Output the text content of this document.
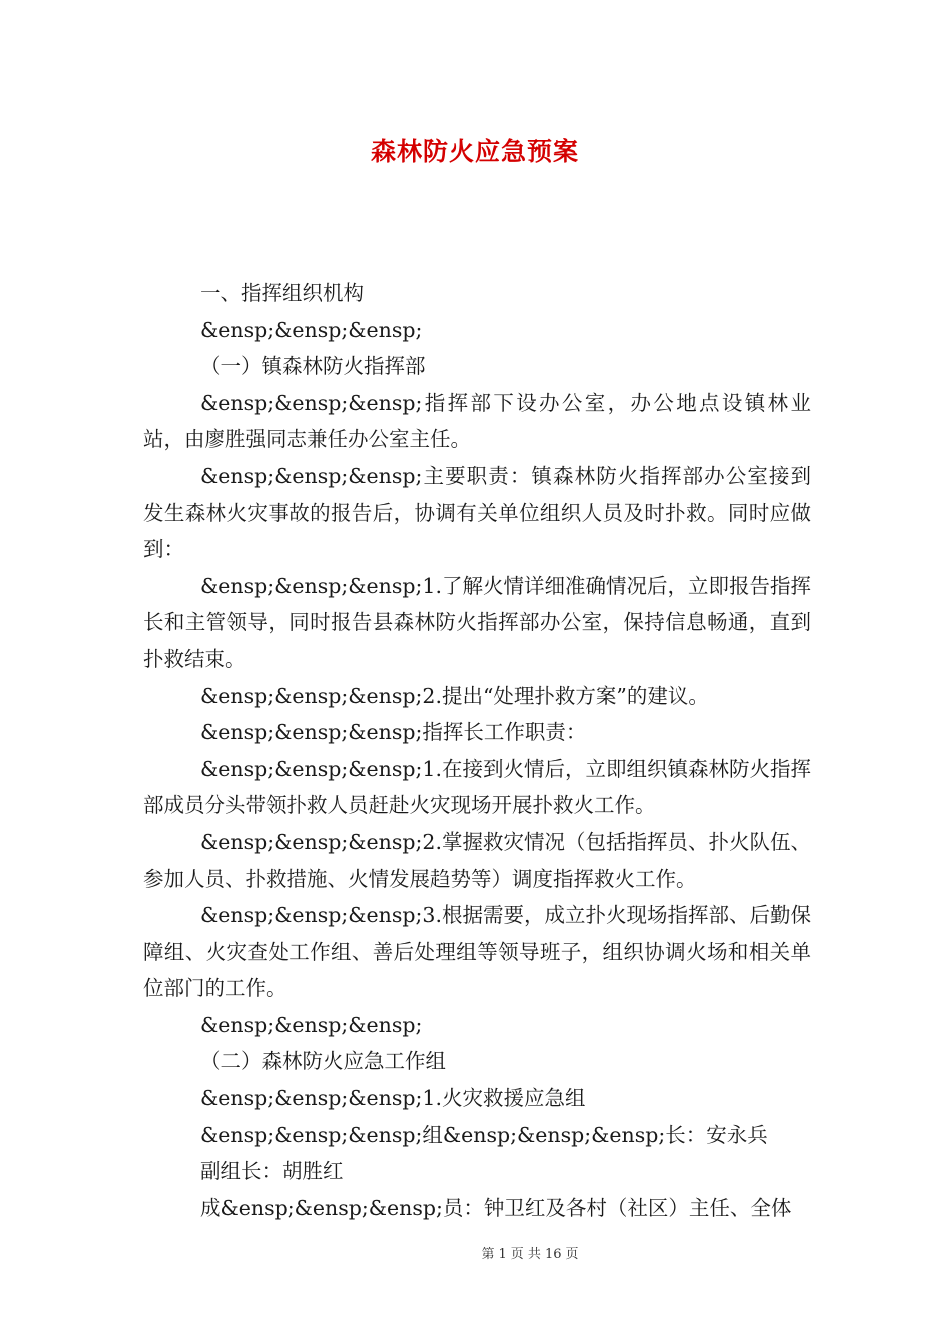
森林防火应急预案

一、指挥组织机构

&ensp;&ensp;&ensp;

（一）镇森林防火指挥部

&ensp;&ensp;&ensp;指挥部下设办公室，办公地点设镇林业站，由廖胜强同志兼任办公室主任。

&ensp;&ensp;&ensp;主要职责：镇森林防火指挥部办公室接到发生森林火灾事故的报告后，协调有关单位组织人员及时扑救。同时应做到：

&ensp;&ensp;&ensp;1.了解火情详细准确情况后，立即报告指挥长和主管领导，同时报告县森林防火指挥部办公室，保持信息畅通，直到扑救结束。

&ensp;&ensp;&ensp;2.提出“处理扑救方案”的建议。

&ensp;&ensp;&ensp;指挥长工作职责：

&ensp;&ensp;&ensp;1.在接到火情后，立即组织镇森林防火指挥部成员分头带领扑救人员赶赴火灾现场开展扑救火工作。

&ensp;&ensp;&ensp;2.掌握救灾情况（包括指挥员、扑火队伍、参加人员、扑救措施、火情发展趋势等）调度指挥救火工作。

&ensp;&ensp;&ensp;3.根据需要，成立扑火现场指挥部、后勤保障组、火灾查处工作组、善后处理组等领导班子，组织协调火场和相关单位部门的工作。

&ensp;&ensp;&ensp;

（二）森林防火应急工作组

&ensp;&ensp;&ensp;1.火灾救援应急组

&ensp;&ensp;&ensp;组&ensp;&ensp;&ensp;长：安永兵

副组长：胡胜红

成&ensp;&ensp;&ensp;员：钟卫红及各村（社区）主任、全体

第 1 页 共 16 页
